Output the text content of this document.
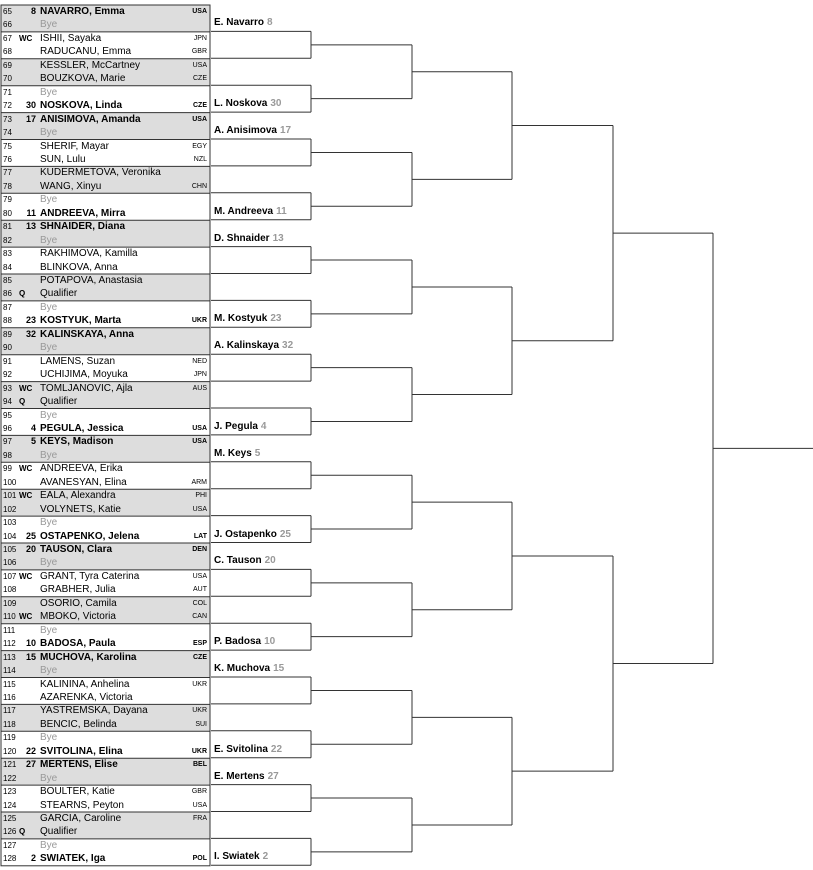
65 8 NAVARRO, Emma	USA
66	Bye
67 WC ISHII, Sayaka	JPN
68	RADUCANU, Emma	GBR
69	KESSLER, McCartney	USA
70	BOUZKOVA, Marie	CZE
71	Bye
72 30 NOSKOVA, Linda	CZE
73 17 ANISIMOVA, Amanda	USA
74	Bye
75	SHERIF, Mayar	EGY
76	SUN, Lulu	NZL
77	KUDERMETOVA, Veronika
78	WANG, Xinyu	CHN
79	Bye
80 11 ANDREEVA, Mirra
81 13 SHNAIDER, Diana
82	Bye
83	RAKHIMOVA, Kamilla
84	BLINKOVA, Anna
85	POTAPOVA, Anastasia
86 Q Qualifier
87	Bye
88 23 KOSTYUK, Marta	UKR
89 32 KALINSKAYA, Anna
90	Bye
91	LAMENS, Suzan	NED
92	UCHIJIMA, Moyuka	JPN
93 WC TOMLJANOVIC, Ajla	AUS
94 Q Qualifier
95	Bye
96 4 PEGULA, Jessica	USA
97 5 KEYS, Madison	USA
98	Bye
99 WC ANDREEVA, Erika
100 AVANESYAN, Elina	ARM
101 WC EALA, Alexandra	PHI
102 VOLYNETS, Katie	USA
103 Bye
104 25 OSTAPENKO, Jelena	LAT
105 20 TAUSON, Clara	DEN
106 Bye
107 WC GRANT, Tyra Caterina	USA
108 GRABHER, Julia	AUT
109 OSORIO, Camila	COL
110 WC MBOKO, Victoria	CAN
111 Bye
112 10 BADOSA, Paula	ESP
113 15 MUCHOVA, Karolina	CZE
114 Bye
115 KALININA, Anhelina	UKR
116 AZARENKA, Victoria
117 YASTREMSKA, Dayana	UKR
118 BENCIC, Belinda	SUI
119 Bye
120 22 SVITOLINA, Elina	UKR
121 27 MERTENS, Elise	BEL
122 Bye
123 BOULTER, Katie	GBR
124 STEARNS, Peyton	USA
125 GARCIA, Caroline	FRA
126 Q Qualifier
127 Bye
128 2 SWIATEK, Iga	POL
E. Navarro 8
L. Noskova 30
A. Anisimova 17
M. Andreeva 11
D. Shnaider 13
M. Kostyuk 23
A. Kalinskaya 32
J. Pegula 4
M. Keys 5
J. Ostapenko 25
C. Tauson 20
P. Badosa 10
K. Muchova 15
E. Svitolina 22
E. Mertens 27
I. Swiatek 2
